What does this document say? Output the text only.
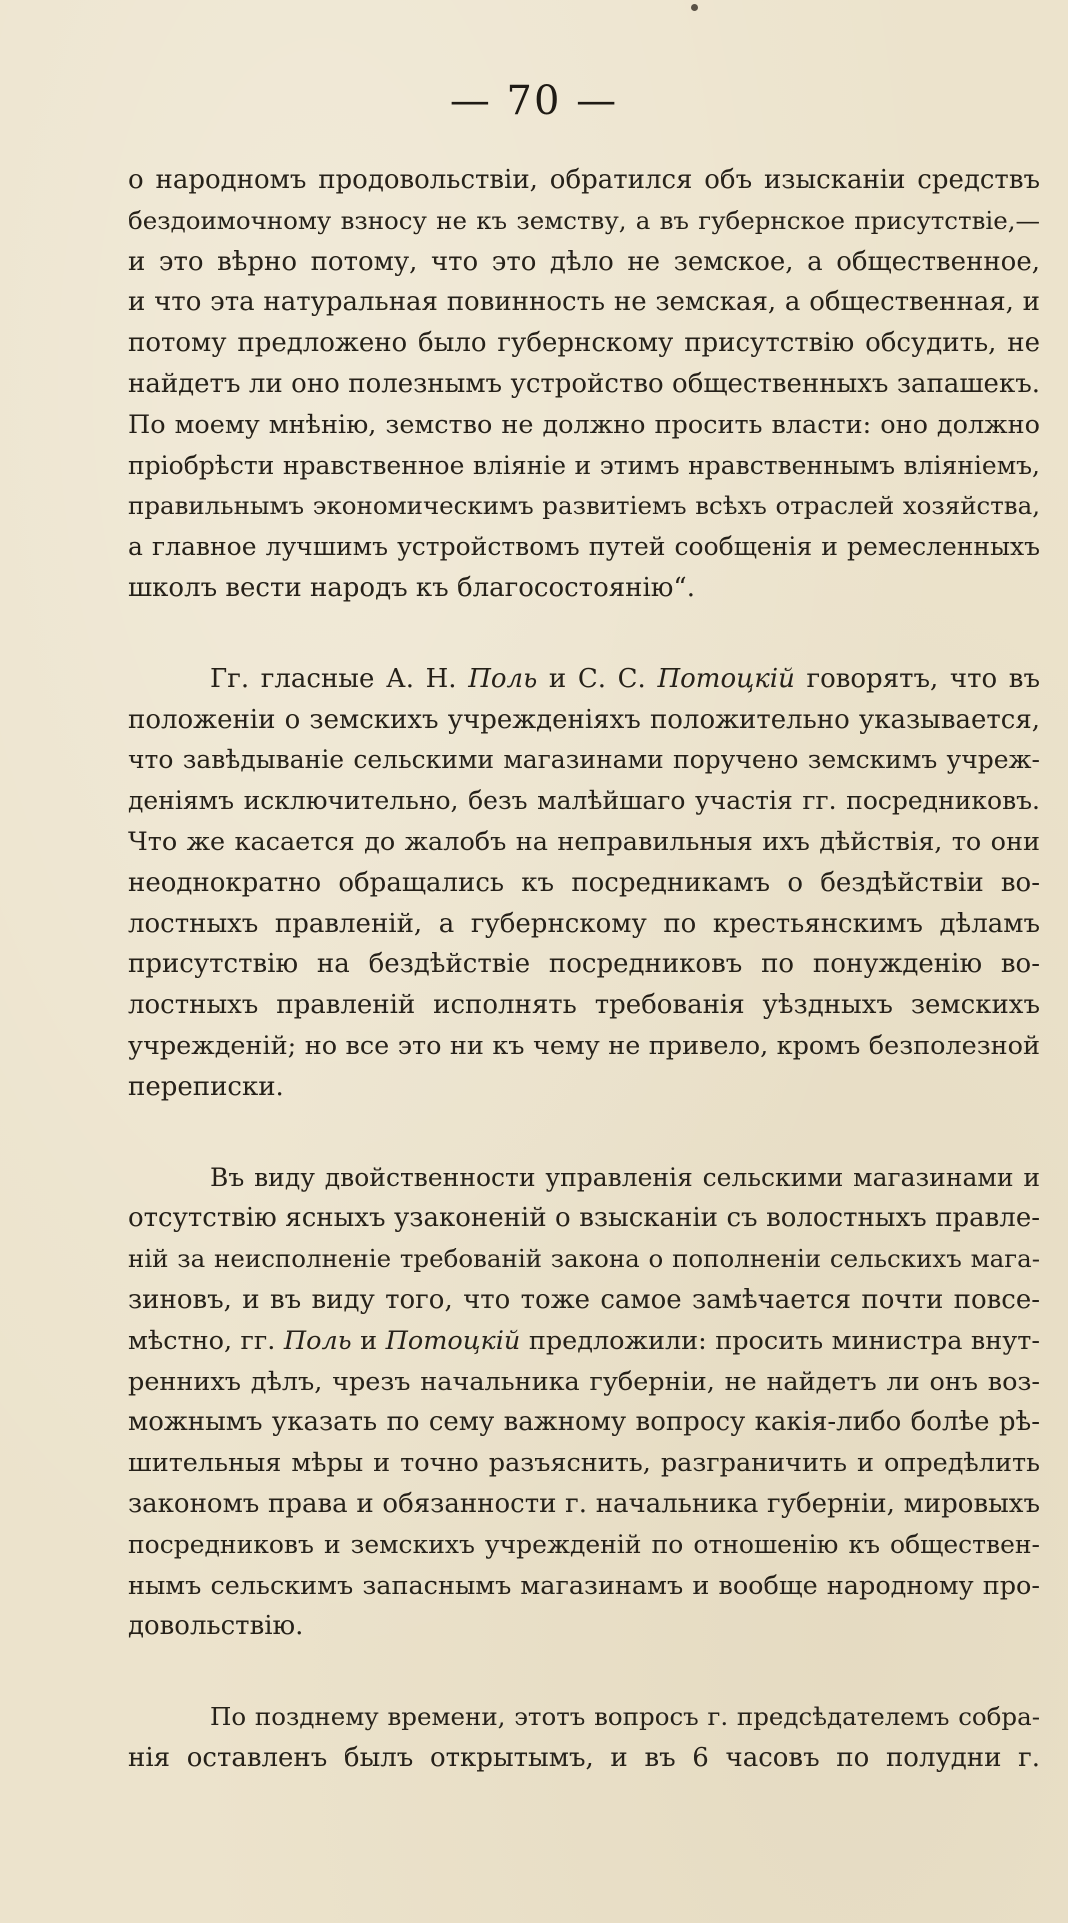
— 70 —
о народномъ продовольствіи, обратился объ изысканіи средствъ
бездоимочному взносу не къ земству, а въ губернское присутствіе,—
и это вѣрно потому, что это дѣло не земское, а общественное,
и что эта натуральная повинность не земская, а общественная, и
потому предложено было губернскому присутствію обсудить, не
найдетъ ли оно полезнымъ устройство общественныхъ запашекъ.
По моему мнѣнію, земство не должно просить власти: оно должно
пріобрѣсти нравственное вліяніе и этимъ нравственнымъ вліяніемъ,
правильнымъ экономическимъ развитіемъ всѣхъ отраслей хозяйства,
а главное лучшимъ устройствомъ путей сообщенія и ремесленныхъ
школъ вести народъ къ благосостоянію“.
Гг. гласные А. Н. Поль и С. С. Потоцкій говорятъ, что въ
положеніи о земскихъ учрежденіяхъ положительно указывается,
что завѣдываніе сельскими магазинами поручено земскимъ учреж-
деніямъ исключительно, безъ малѣйшаго участія гг. посредниковъ.
Что же касается до жалобъ на неправильныя ихъ дѣйствія, то они
неоднократно обращались къ посредникамъ о бездѣйствіи во-
лостныхъ правленій, а губернскому по крестьянскимъ дѣламъ
присутствію на бездѣйствіе посредниковъ по понужденію во-
лостныхъ правленій исполнять требованія уѣздныхъ земскихъ
учрежденій; но все это ни къ чему не привело, кромъ безполезной
переписки.
Въ виду двойственности управленія сельскими магазинами и
отсутствію ясныхъ узаконеній о взысканіи съ волостныхъ правле-
ній за неисполненіе требованій закона о пополненіи сельскихъ мага-
зиновъ, и въ виду того, что тоже самое замѣчается почти повсе-
мѣстно, гг. Поль и Потоцкій предложили: просить министра внут-
реннихъ дѣлъ, чрезъ начальника губерніи, не найдетъ ли онъ воз-
можнымъ указать по сему важному вопросу какія-либо болѣе рѣ-
шительныя мѣры и точно разъяснить, разграничить и опредѣлить
закономъ права и обязанности г. начальника губерніи, мировыхъ
посредниковъ и земскихъ учрежденій по отношенію къ обществен-
нымъ сельскимъ запаснымъ магазинамъ и вообще народному про-
довольствію.
По позднему времени, этотъ вопросъ г. предсѣдателемъ собра-
нія оставленъ былъ открытымъ, и въ 6 часовъ по полудни г.
